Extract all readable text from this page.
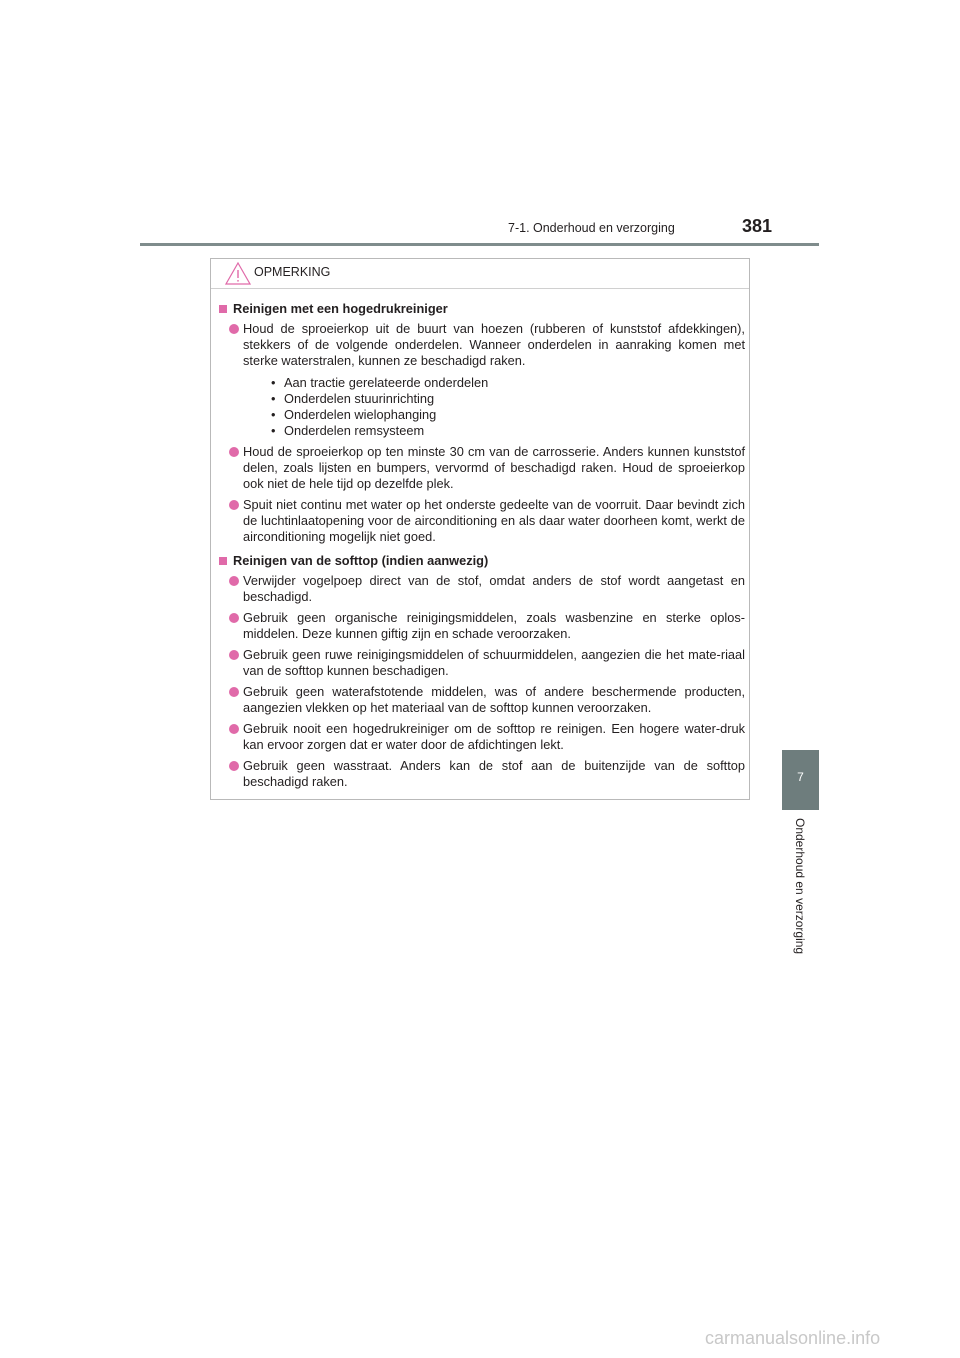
7-1. Onderhoud en verzorging	381
7
Onderhoud en verzorging
OPMERKING
Reinigen met een hogedrukreiniger
Houd de sproeierkop uit de buurt van hoezen (rubberen of kunststof afdekkingen), stekkers of de volgende onderdelen. Wanneer onderdelen in aanraking komen met sterke waterstralen, kunnen ze beschadigd raken.
• Aan tractie gerelateerde onderdelen
• Onderdelen stuurinrichting
• Onderdelen wielophanging
• Onderdelen remsysteem
Houd de sproeierkop op ten minste 30 cm van de carrosserie. Anders kunnen kunststof delen, zoals lijsten en bumpers, vervormd of beschadigd raken. Houd de sproeierkop ook niet de hele tijd op dezelfde plek.
Spuit niet continu met water op het onderste gedeelte van de voorruit. Daar bevindt zich de luchtinlaatopening voor de airconditioning en als daar water doorheen komt, werkt de airconditioning mogelijk niet goed.
Reinigen van de softtop (indien aanwezig)
Verwijder vogelpoep direct van de stof, omdat anders de stof wordt aangetast en beschadigd.
Gebruik geen organische reinigingsmiddelen, zoals wasbenzine en sterke oplos-middelen. Deze kunnen giftig zijn en schade veroorzaken.
Gebruik geen ruwe reinigingsmiddelen of schuurmiddelen, aangezien die het mate-riaal van de softtop kunnen beschadigen.
Gebruik geen waterafstotende middelen, was of andere beschermende producten, aangezien vlekken op het materiaal van de softtop kunnen veroorzaken.
Gebruik nooit een hogedrukreiniger om de softtop re reinigen. Een hogere water-druk kan ervoor zorgen dat er water door de afdichtingen lekt.
Gebruik geen wasstraat. Anders kan de stof aan de buitenzijde van de softtop beschadigd raken.
carmanualsonline.info
